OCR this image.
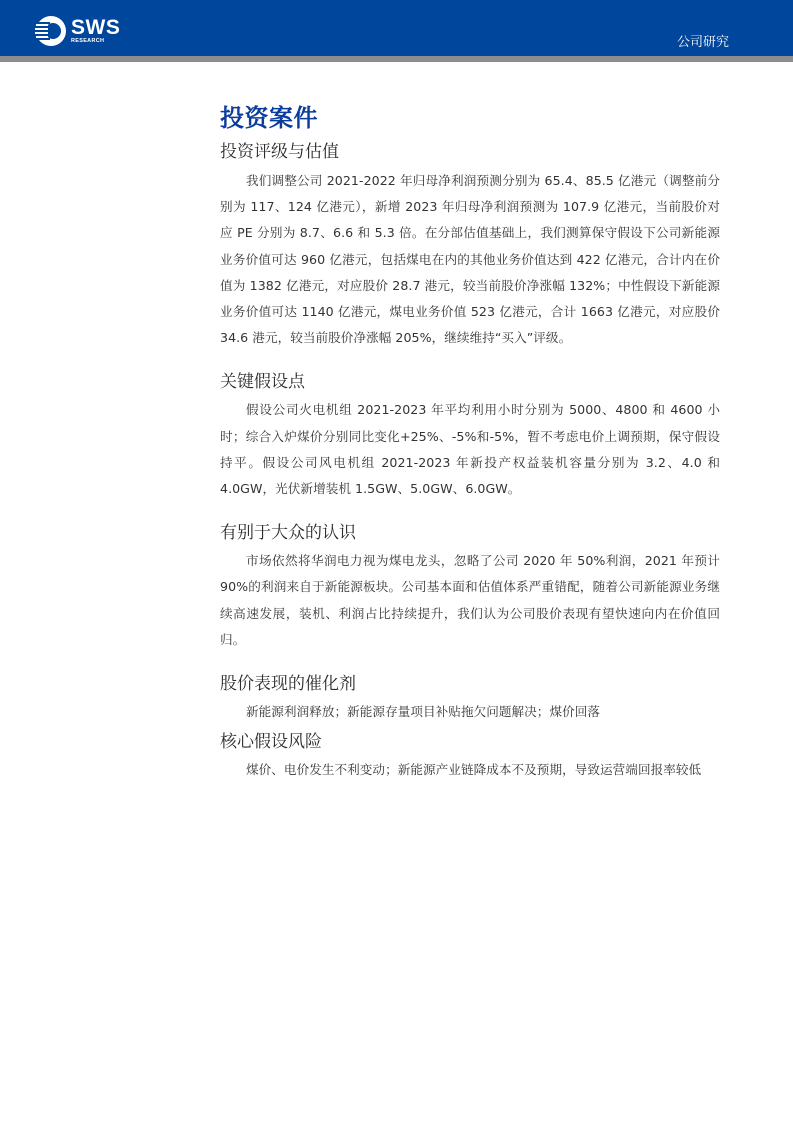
SWS
RESEARCH	公司研究
投资案件
投资评级与估值

我们调整公司 2021-2022 年归母净利润预测分别为 65.4、85.5 亿港元（调整前分别为 117、124 亿港元），新增 2023 年归母净利润预测为 107.9 亿港元，当前股价对应 PE 分别为 8.7、6.6 和 5.3 倍。在分部估值基础上，我们测算保守假设下公司新能源业务价值可达 960 亿港元，包括煤电在内的其他业务价值达到 422 亿港元，合计内在价值为 1382 亿港元，对应股价 28.7 港元，较当前股价净涨幅 132%；中性假设下新能源业务价值可达 1140 亿港元，煤电业务价值 523 亿港元，合计 1663 亿港元，对应股价 34.6 港元，较当前股价净涨幅 205%，继续维持“买入”评级。

关键假设点

假设公司火电机组 2021-2023 年平均利用小时分别为 5000、4800 和 4600 小时；综合入炉煤价分别同比变化+25%、-5%和-5%，暂不考虑电价上调预期，保守假设持平。假设公司风电机组 2021-2023 年新投产权益装机容量分别为 3.2、4.0 和 4.0GW，光伏新增装机 1.5GW、5.0GW、6.0GW。

有别于大众的认识

市场依然将华润电力视为煤电龙头，忽略了公司 2020 年 50%利润，2021 年预计 90%的利润来自于新能源板块。公司基本面和估值体系严重错配，随着公司新能源业务继续高速发展，装机、利润占比持续提升，我们认为公司股价表现有望快速向内在价值回归。

股价表现的催化剂

新能源利润释放；新能源存量项目补贴拖欠问题解决；煤价回落

核心假设风险

煤价、电价发生不利变动；新能源产业链降成本不及预期，导致运营端回报率较低
